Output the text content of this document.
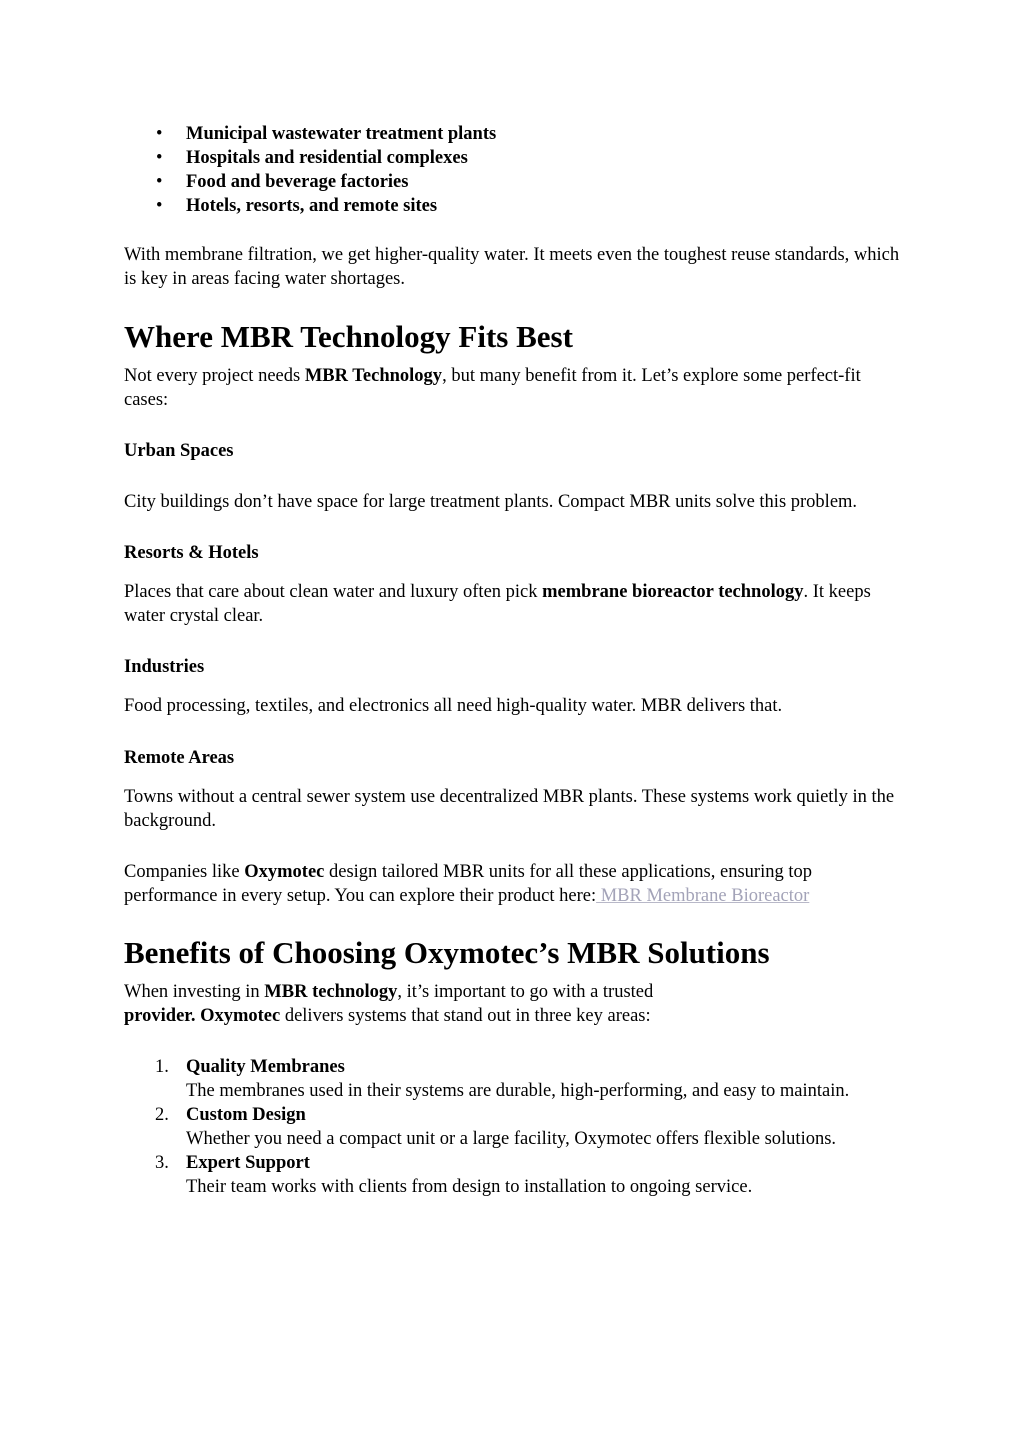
• Municipal wastewater treatment plants
• Hospitals and residential complexes
• Food and beverage factories
• Hotels, resorts, and remote sites

With membrane filtration, we get higher-quality water. It meets even the toughest reuse standards, which is key in areas facing water shortages.

Where MBR Technology Fits Best

Not every project needs MBR Technology, but many benefit from it. Let’s explore some perfect-fit cases:

Urban Spaces

City buildings don’t have space for large treatment plants. Compact MBR units solve this problem.

Resorts & Hotels

Places that care about clean water and luxury often pick membrane bioreactor technology. It keeps water crystal clear.

Industries

Food processing, textiles, and electronics all need high-quality water. MBR delivers that.

Remote Areas

Towns without a central sewer system use decentralized MBR plants. These systems work quietly in the background.

Companies like Oxymotec design tailored MBR units for all these applications, ensuring top performance in every setup. You can explore their product here: MBR Membrane Bioreactor

Benefits of Choosing Oxymotec’s MBR Solutions

When investing in MBR technology, it’s important to go with a trusted
provider. Oxymotec delivers systems that stand out in three key areas:

1. Quality Membranes
The membranes used in their systems are durable, high-performing, and easy to maintain.
2. Custom Design
Whether you need a compact unit or a large facility, Oxymotec offers flexible solutions.
3. Expert Support
Their team works with clients from design to installation to ongoing service.
